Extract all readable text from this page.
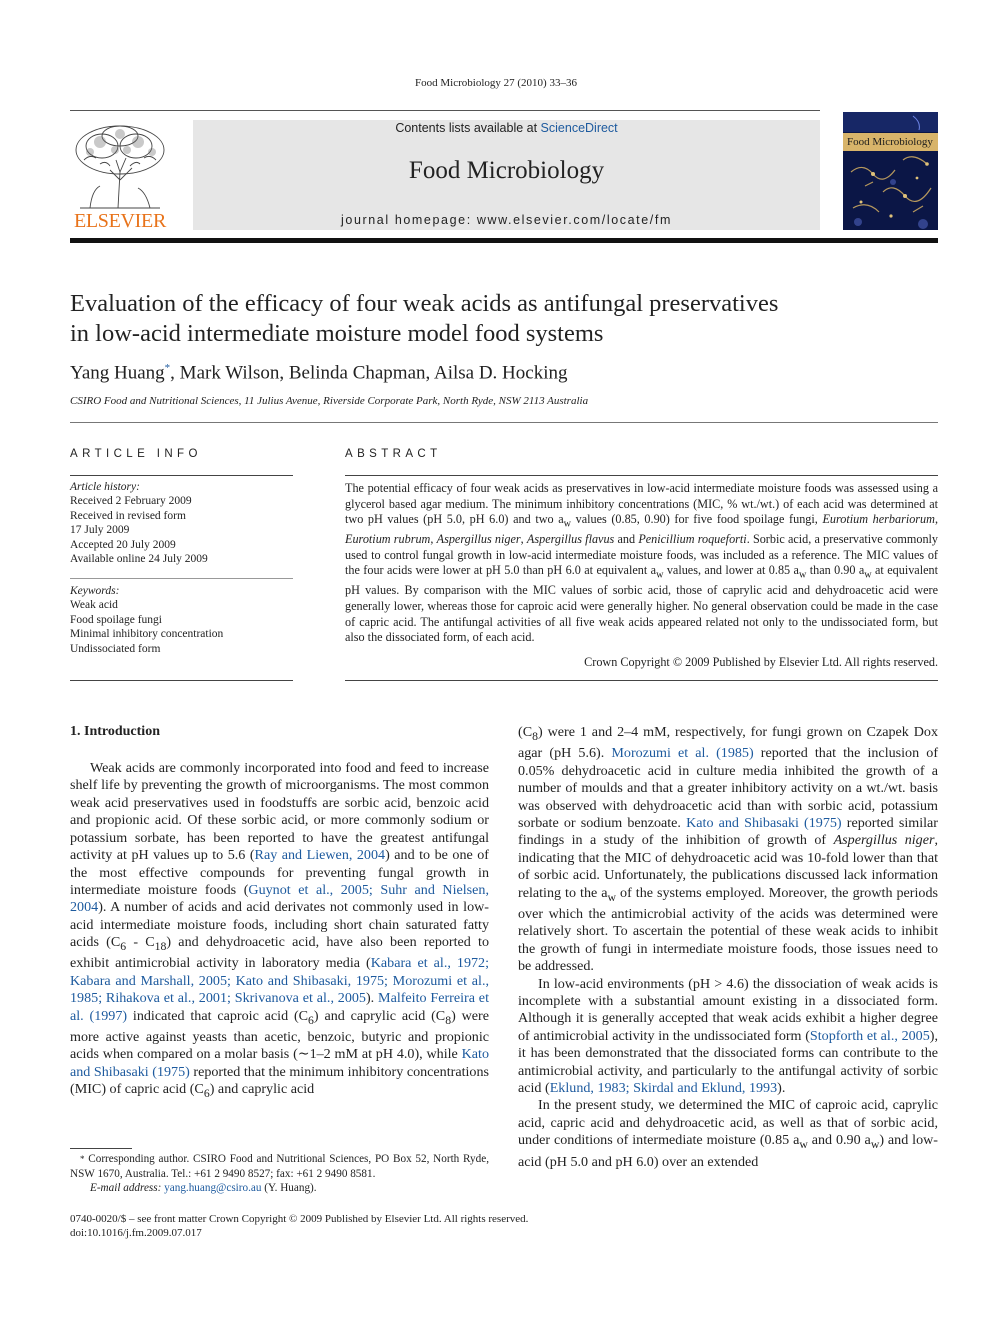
Food Microbiology 27 (2010) 33–36
ELSEVIER
Contents lists available at ScienceDirect
Food Microbiology
journal homepage: www.elsevier.com/locate/fm
Food Microbiology
Evaluation of the efficacy of four weak acids as antifungal preservatives
in low-acid intermediate moisture model food systems
Yang Huang*, Mark Wilson, Belinda Chapman, Ailsa D. Hocking
CSIRO Food and Nutritional Sciences, 11 Julius Avenue, Riverside Corporate Park, North Ryde, NSW 2113 Australia
ARTICLE INFO
Article history:
Received 2 February 2009
Received in revised form
17 July 2009
Accepted 20 July 2009
Available online 24 July 2009
Keywords:
Weak acid
Food spoilage fungi
Minimal inhibitory concentration
Undissociated form
ABSTRACT
The potential efficacy of four weak acids as preservatives in low-acid intermediate moisture foods was assessed using a glycerol based agar medium. The minimum inhibitory concentrations (MIC, % wt./wt.) of each acid was determined at two pH values (pH 5.0, pH 6.0) and two $a_w$ values (0.85, 0.90) for five food spoilage fungi, Eurotium herbariorum, Eurotium rubrum, Aspergillus niger, Aspergillus flavus and Penicillium roqueforti. Sorbic acid, a preservative commonly used to control fungal growth in low-acid intermediate moisture foods, was included as a reference. The MIC values of the four acids were lower at pH 5.0 than pH 6.0 at equivalent $a_w$ values, and lower at 0.85 $a_w$ than 0.90 $a_w$ at equivalent pH values. By comparison with the MIC values of sorbic acid, those of caprylic acid and dehydroacetic acid were generally lower, whereas those for caproic acid were generally higher. No general observation could be made in the case of capric acid. The antifungal activities of all five weak acids appeared related not only to the undissociated form, but also the dissociated form, of each acid.
Crown Copyright © 2009 Published by Elsevier Ltd. All rights reserved.
1. Introduction

Weak acids are commonly incorporated into food and feed to increase shelf life by preventing the growth of microorganisms. The most common weak acid preservatives used in foodstuffs are sorbic acid, benzoic acid and propionic acid. Of these sorbic acid, or more commonly sodium or potassium sorbate, has been reported to have the greatest antifungal activity at pH values up to 5.6 (Ray and Liewen, 2004) and to be one of the most effective compounds for preventing fungal growth in intermediate moisture foods (Guynot et al., 2005; Suhr and Nielsen, 2004). A number of acids and acid derivates not commonly used in low-acid intermediate moisture foods, including short chain saturated fatty acids $(C_6 - C_{18})$ and dehydroacetic acid, have also been reported to exhibit antimicrobial activity in laboratory media (Kabara et al., 1972; Kabara and Marshall, 2005; Kato and Shibasaki, 1975; Morozumi et al., 1985; Rihakova et al., 2001; Skrivanova et al., 2005). Malfeito Ferreira et al. (1997) indicated that caproic acid $(C_6)$ and caprylic acid $(C_8)$ were more active against yeasts than acetic, benzoic, butyric and propionic acids when compared on a molar basis (∼1–2 mM at pH 4.0), while Kato and Shibasaki (1975) reported that the minimum inhibitory concentrations (MIC) of capric acid $(C_6)$ and caprylic acid

$(C_8)$ were 1 and 2–4 mM, respectively, for fungi grown on Czapek Dox agar (pH 5.6). Morozumi et al. (1985) reported that the inclusion of 0.05% dehydroacetic acid in culture media inhibited the growth of a number of moulds and that a greater inhibitory activity on a wt./wt. basis was observed with dehydroacetic acid than with sorbic acid, potassium sorbate or sodium benzoate. Kato and Shibasaki (1975) reported similar findings in a study of the inhibition of growth of Aspergillus niger, indicating that the MIC of dehydroacetic acid was 10-fold lower than that of sorbic acid. Unfortunately, the publications discussed lack information relating to the $a_w$ of the systems employed. Moreover, the growth periods over which the antimicrobial activity of the acids was determined were relatively short. To ascertain the potential of these weak acids to inhibit the growth of fungi in intermediate moisture foods, those issues need to be addressed.

In low-acid environments (pH > 4.6) the dissociation of weak acids is incomplete with a substantial amount existing in a dissociated form. Although it is generally accepted that weak acids exhibit a higher degree of antimicrobial activity in the undissociated form (Stopforth et al., 2005), it has been demonstrated that the dissociated forms can contribute to the antimicrobial activity, and particularly to the antifungal activity of sorbic acid (Eklund, 1983; Skirdal and Eklund, 1993).

In the present study, we determined the MIC of caproic acid, caprylic acid, capric acid and dehydroacetic acid, as well as that of sorbic acid, under conditions of intermediate moisture (0.85 $a_w$ and 0.90 $a_w$) and low-acid (pH 5.0 and pH 6.0) over an extended

* Corresponding author. CSIRO Food and Nutritional Sciences, PO Box 52, North Ryde, NSW 1670, Australia. Tel.: +61 2 9490 8527; fax: +61 2 9490 8581.
E-mail address: yang.huang@csiro.au (Y. Huang).
0740-0020/$ – see front matter Crown Copyright © 2009 Published by Elsevier Ltd. All rights reserved.
doi:10.1016/j.fm.2009.07.017
